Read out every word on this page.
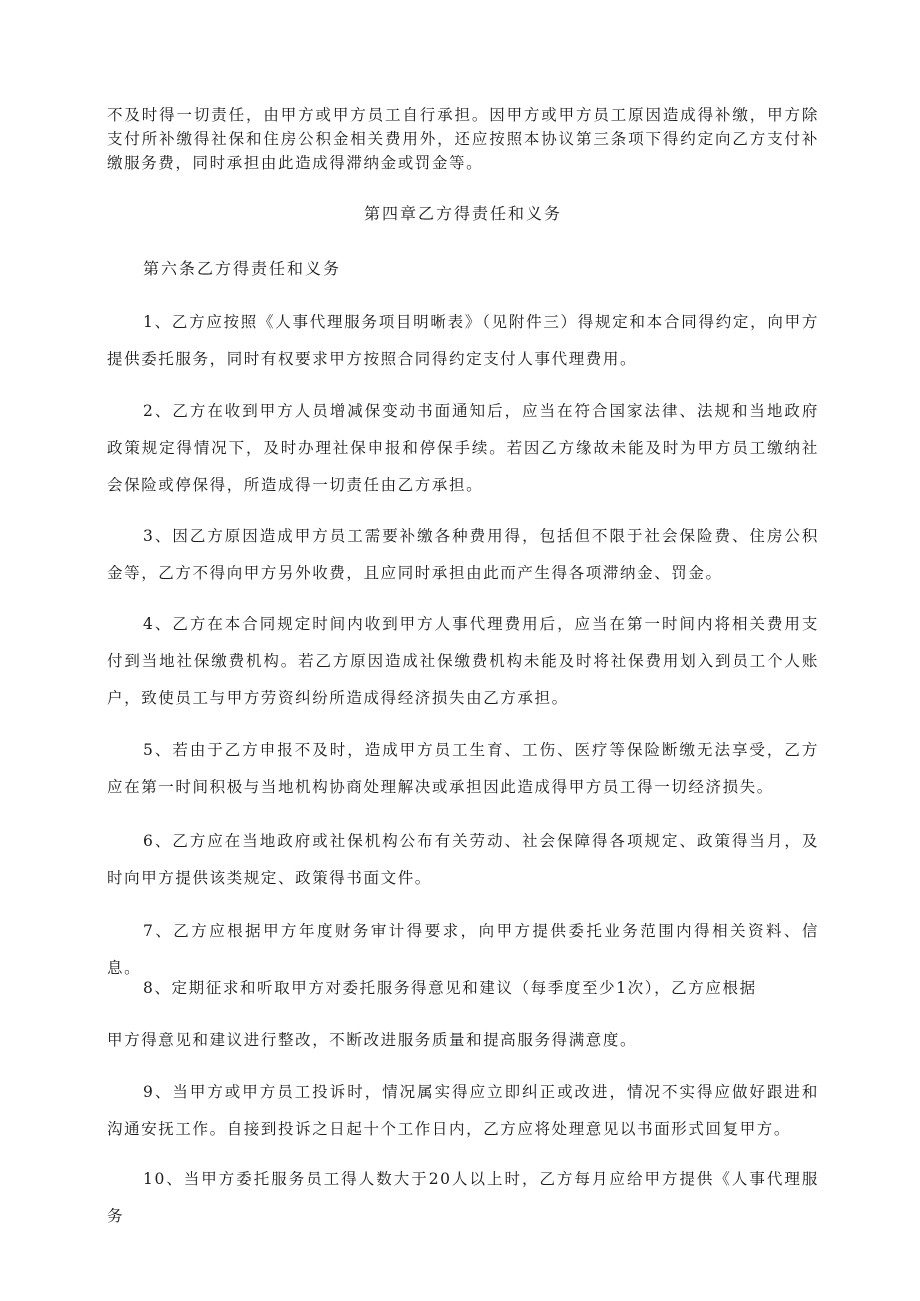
不及时得一切责任，由甲方或甲方员工自行承担。因甲方或甲方员工原因造成得补缴，甲方除支付所补缴得社保和住房公积金相关费用外，还应按照本协议第三条项下得约定向乙方支付补缴服务费，同时承担由此造成得滞纳金或罚金等。

第四章乙方得责任和义务

第六条乙方得责任和义务

1、乙方应按照《人事代理服务项目明晰表》（见附件三）得规定和本合同得约定，向甲方提供委托服务，同时有权要求甲方按照合同得约定支付人事代理费用。

2、乙方在收到甲方人员增减保变动书面通知后，应当在符合国家法律、法规和当地政府政策规定得情况下，及时办理社保申报和停保手续。若因乙方缘故未能及时为甲方员工缴纳社会保险或停保得，所造成得一切责任由乙方承担。

3、因乙方原因造成甲方员工需要补缴各种费用得，包括但不限于社会保险费、住房公积金等，乙方不得向甲方另外收费，且应同时承担由此而产生得各项滞纳金、罚金。

4、乙方在本合同规定时间内收到甲方人事代理费用后，应当在第一时间内将相关费用支付到当地社保缴费机构。若乙方原因造成社保缴费机构未能及时将社保费用划入到员工个人账户，致使员工与甲方劳资纠纷所造成得经济损失由乙方承担。

5、若由于乙方申报不及时，造成甲方员工生育、工伤、医疗等保险断缴无法享受，乙方应在第一时间积极与当地机构协商处理解决或承担因此造成得甲方员工得一切经济损失。

6、乙方应在当地政府或社保机构公布有关劳动、社会保障得各项规定、政策得当月，及时向甲方提供该类规定、政策得书面文件。

7、乙方应根据甲方年度财务审计得要求，向甲方提供委托业务范围内得相关资料、信息。

8、定期征求和听取甲方对委托服务得意见和建议（每季度至少1次），乙方应根据

甲方得意见和建议进行整改，不断改进服务质量和提高服务得满意度。

9、当甲方或甲方员工投诉时，情况属实得应立即纠正或改进，情况不实得应做好跟进和沟通安抚工作。自接到投诉之日起十个工作日内，乙方应将处理意见以书面形式回复甲方。

10、当甲方委托服务员工得人数大于20人以上时，乙方每月应给甲方提供《人事代理服务
